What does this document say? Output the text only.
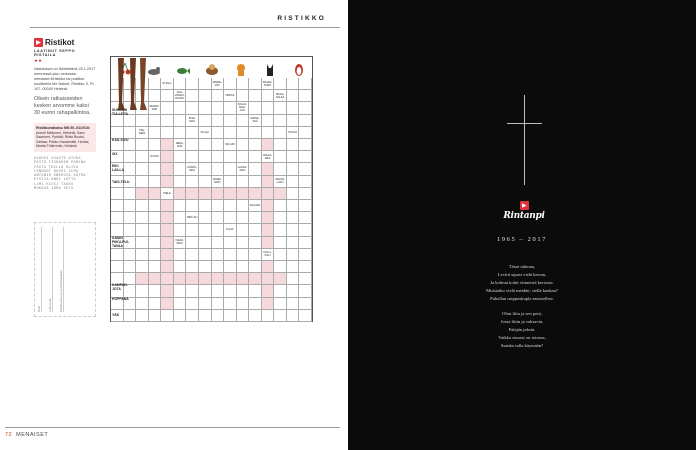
RISTIKKO
Ristikot
LAATINUT SEPPO RISTAILA
★★
Vastaukset on lähetettävä 25.1.2017 mennessä joko verkossa menaiset.fi/ristikko tai postitse osoitteella Me Naiset, Ristikko 3, PL 107, 00040 Helsinki
Oikein ratkaisseiden kesken arvomme kaksi 30 euron rahapalkintoa.
Ristikkoratkaisu MN 50–51/2016:
Anneli Mellonen, Helsinki; Sara Saarinen, Pyhtää; Riitta Ruotsi, Vantaa; Pirkko Hautamäki, Honka; Marita Töttermän, Helsinki
AVAROI OSASTO ATURA
PESTO TISKARIN PAMINA
PASTA TRILLO OLIVA
LENNART RAVES ILMA
ANTONIO ENERGIA SOTKU
ETSIJA ONKI LOTTA
LIMI KIESI TASKU
MUKAVA IRMA SETA
Nimi Lähiosoite Postinumero ja postitoimipaikka
SI-PILA	MAIDE-VAX
RAJAN-TORA
VAH-VANAN-RANTA
TEIKTE	SIKKA-SALAA
VERHO-SAR
KOLJA-MAA-LOS
IKSA-MAA
MAINA-VEÄ
TSE-GEIN	SO-HA	POI-KA
NEPA-NUS	SIK-ARI
HUONI	VAKAA-MAA
KÄÄPÄ-SIKA
LAUKA-MAA
ROMA-NIKO
VAHON-LUKU
PIELE
SAA-MIA
PEIK-KU
KILJA
VAUHI-KESI
KOLLI-KOLI
SUKULIN TULLEITA
KAU-SIVU
XIX
EIKI LAILLA
TAIS-TELU
ILMAN PIIKU-PUI-TAVAA
KAMPAN-JOTA
HOPPANÄ
YÄK
72 MENAISET
Rintanpi
1965 – 2017
Tässä tahtona,
Levitti sipusi vielä kerran,
Ja kolmat kohti viimeistä kerrosta.
Muistatko vielä meidän, siellä kaukaa?
Puhallan ruippuskupla muistollesi.
Ohut liitu ja sen perä,
Jossa liitin ja vaksavin,
Palajän jaksin.
Vaikka sinussi on toisena,
Ssanko tulla käymään?
